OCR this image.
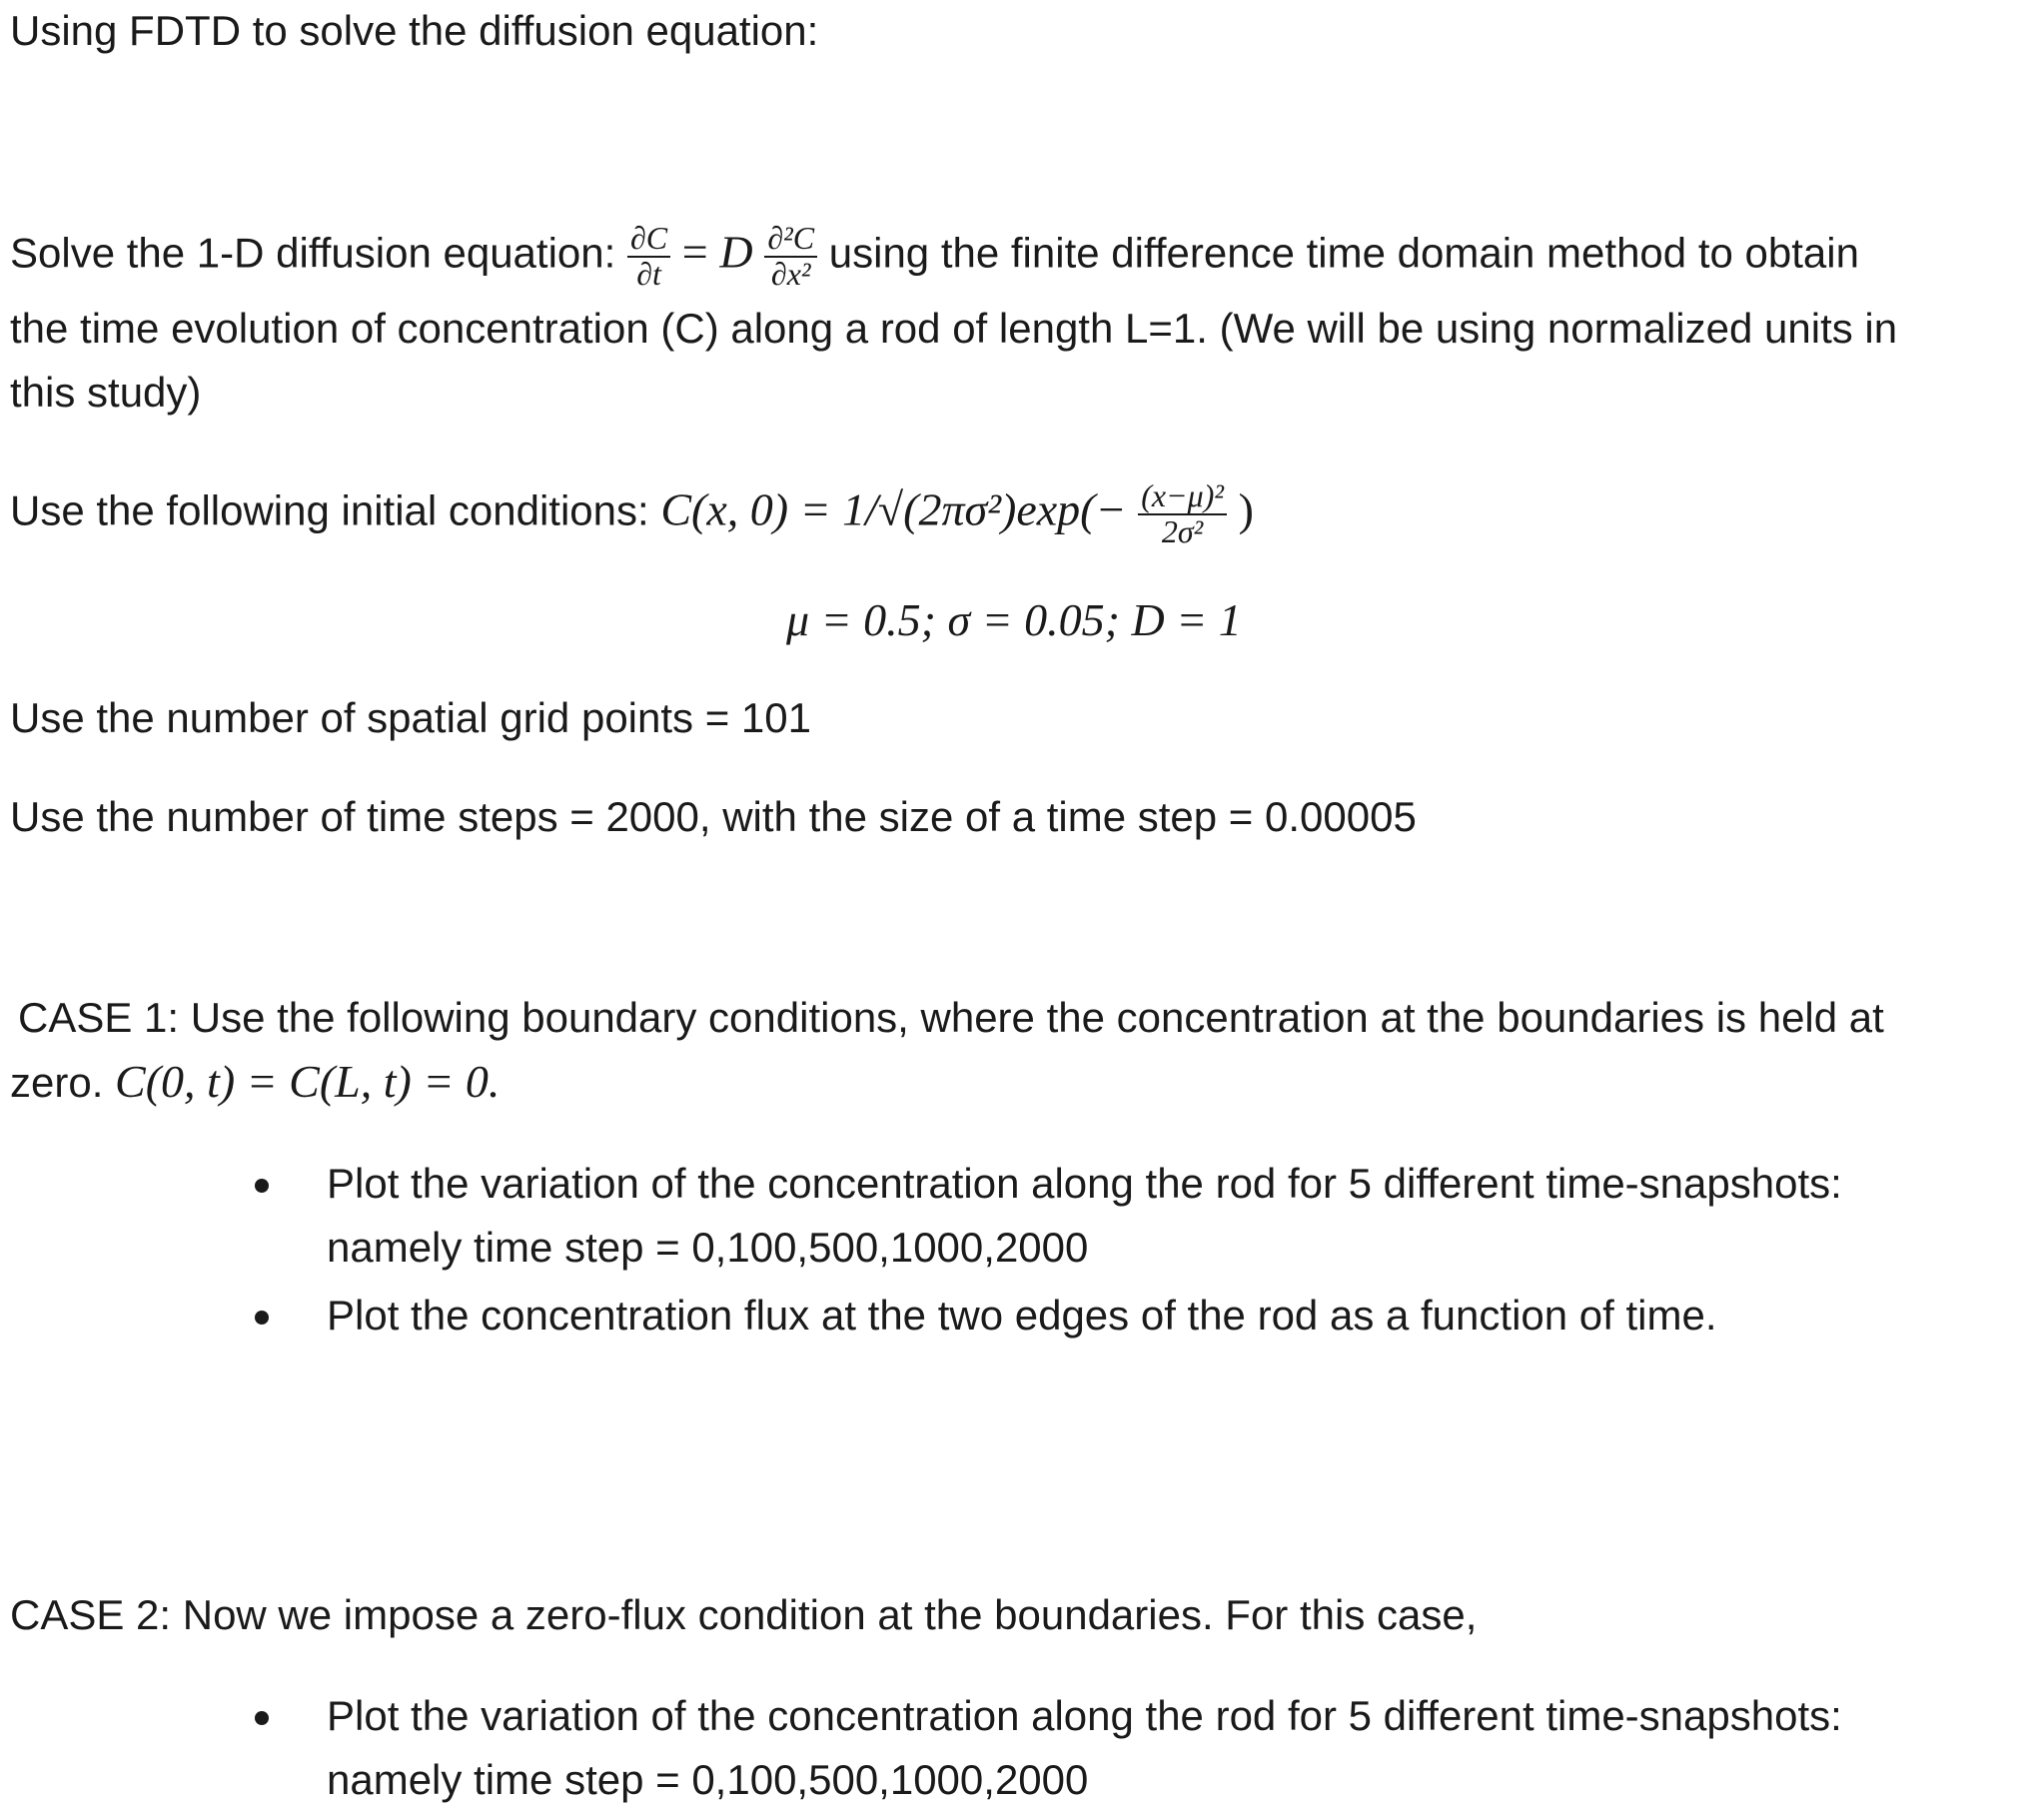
Using FDTD to solve the diffusion equation:
Solve the 1-D diffusion equation: $\frac{\partial C}{\partial t} = D \frac{\text{∂²C}}{\text{∂x²}}$ using the finite difference time domain method to obtain
the time evolution of concentration (C) along a rod of length L=1. (We will be using normalized units in
this study)
Use the following initial conditions: C(x, $0) = 1/√(2\pi\sigma^2)\exp(- \frac{\text{(x−μ)²}}{\text{2σ²}}$ )
μ = 0.5; σ = 0.05; D = 1
Use the number of spatial grid points = 101
Use the number of time steps = 2000, with the size of a time step = 0.00005
CASE 1: Use the following boundary conditions, where the concentration at the boundaries is held at
zero. C(0, t) = C(L, t) = 0.
Plot the variation of the concentration along the rod for 5 different time-snapshots:
namely time step = 0,100,500,1000,2000
Plot the concentration flux at the two edges of the rod as a function of time.
CASE 2: Now we impose a zero-flux condition at the boundaries. For this case,
Plot the variation of the concentration along the rod for 5 different time-snapshots:
namely time step = 0,100,500,1000,2000
